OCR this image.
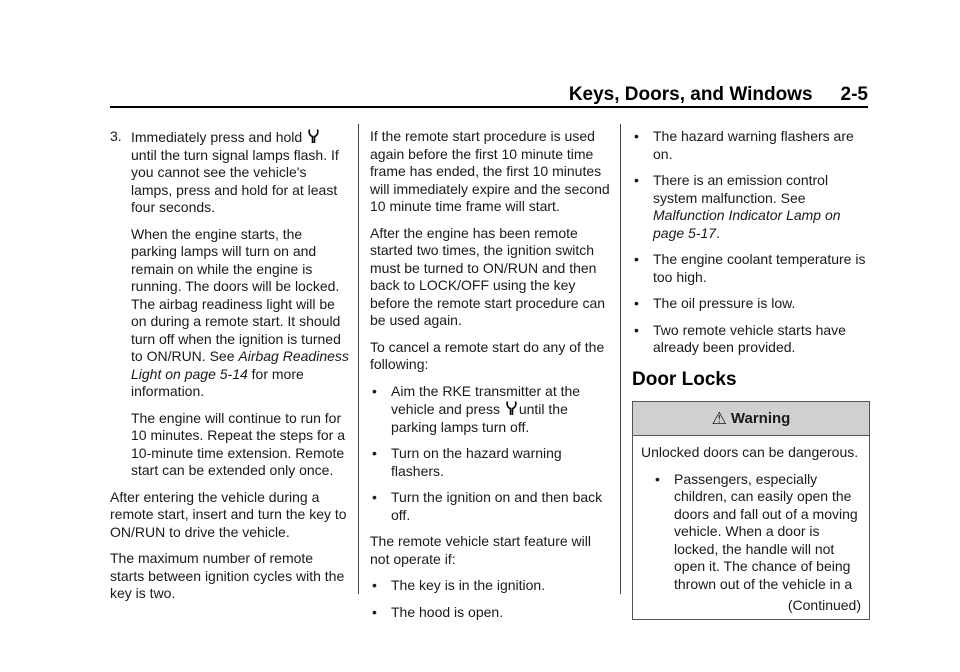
Keys, Doors, and Windows 2-5
3. Immediately press and hold

until the turn signal lamps flash. If you cannot see the vehicle's lamps, press and hold for at least four seconds.

When the engine starts, the parking lamps will turn on and remain on while the engine is running. The doors will be locked. The airbag readiness light will be on during a remote start. It should turn off when the ignition is turned to ON/RUN. See Airbag Readiness Light on page 5-14 for more information.

The engine will continue to run for 10 minutes. Repeat the steps for a 10-minute time extension. Remote start can be extended only once.

After entering the vehicle during a remote start, insert and turn the key to ON/RUN to drive the vehicle.

The maximum number of remote starts between ignition cycles with the key is two.

If the remote start procedure is used again before the first 10 minute time frame has ended, the first 10 minutes will immediately expire and the second 10 minute time frame will start.

After the engine has been remote started two times, the ignition switch must be turned to ON/RUN and then back to LOCK/OFF using the key before the remote start procedure can be used again.

To cancel a remote start do any of the following:

•	Aim the RKE transmitter at the vehicle and press until the parking lamps turn off.
•	Turn on the hazard warning flashers.
•	Turn the ignition on and then back off.

The remote vehicle start feature will not operate if:

•	The key is in the ignition.
•	The hood is open.
•	The hazard warning flashers are on.
•	There is an emission control system malfunction. See Malfunction Indicator Lamp on page 5-17.
•	The engine coolant temperature is too high.
•	The oil pressure is low.
•	Two remote vehicle starts have already been provided.
Door Locks
⚠ Warning

Unlocked doors can be dangerous.

•	Passengers, especially children, can easily open the doors and fall out of a moving vehicle. When a door is locked, the handle will not open it. The chance of being thrown out of the vehicle in a

(Continued)
